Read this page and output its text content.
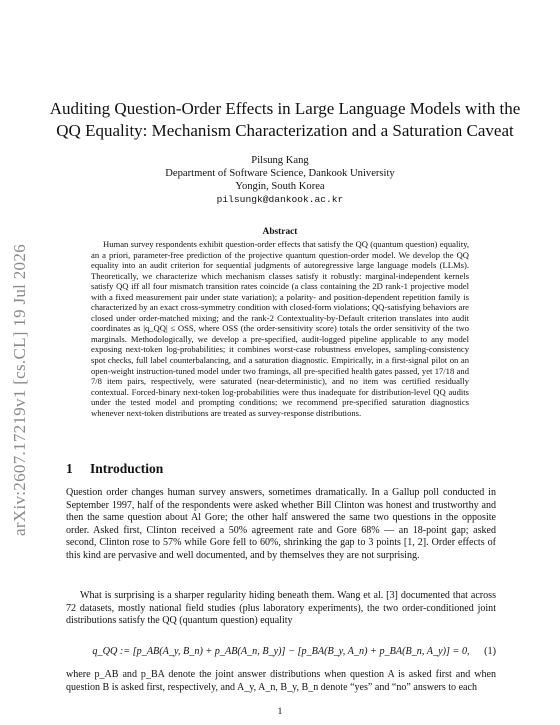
arXiv:2607.17219v1 [cs.CL] 19 Jul 2026
Auditing Question-Order Effects in Large Language Models with the QQ Equality: Mechanism Characterization and a Saturation Caveat
Pilsung Kang
Department of Software Science, Dankook University
Yongin, South Korea
pilsungk@dankook.ac.kr
Abstract
Human survey respondents exhibit question-order effects that satisfy the QQ (quantum question) equality, an a priori, parameter-free prediction of the projective quantum question-order model. We develop the QQ equality into an audit criterion for sequential judgments of autoregressive large language models (LLMs). Theoretically, we characterize which mechanism classes satisfy it robustly: marginal-independent kernels satisfy QQ iff all four mismatch transition rates coincide (a class containing the 2D rank-1 projective model with a fixed measurement pair under state variation); a polarity- and position-dependent repetition family is characterized by an exact cross-symmetry condition with closed-form violations; QQ-satisfying behaviors are closed under order-matched mixing; and the rank-2 Contextuality-by-Default criterion translates into audit coordinates as |q_QQ| ≤ OSS, where OSS (the order-sensitivity score) totals the order sensitivity of the two marginals. Methodologically, we develop a pre-specified, audit-logged pipeline applicable to any model exposing next-token log-probabilities; it combines worst-case robustness envelopes, sampling-consistency spot checks, full label counterbalancing, and a saturation diagnostic. Empirically, in a first-signal pilot on an open-weight instruction-tuned model under two framings, all pre-specified health gates passed, yet 17/18 and 7/8 item pairs, respectively, were saturated (near-deterministic), and no item was certified residually contextual. Forced-binary next-token log-probabilities were thus inadequate for distribution-level QQ audits under the tested model and prompting conditions; we recommend pre-specified saturation diagnostics whenever next-token distributions are treated as survey-response distributions.
1 Introduction
Question order changes human survey answers, sometimes dramatically. In a Gallup poll conducted in September 1997, half of the respondents were asked whether Bill Clinton was honest and trustworthy and then the same question about Al Gore; the other half answered the same two questions in the opposite order. Asked first, Clinton received a 50% agreement rate and Gore 68% — an 18-point gap; asked second, Clinton rose to 57% while Gore fell to 60%, shrinking the gap to 3 points [1, 2]. Order effects of this kind are pervasive and well documented, and by themselves they are not surprising.
What is surprising is a sharper regularity hiding beneath them. Wang et al. [3] documented that across 72 datasets, mostly national field studies (plus laboratory experiments), the two order-conditioned joint distributions satisfy the QQ (quantum question) equality
q_QQ := [p_AB(A_y, B_n) + p_AB(A_n, B_y)] − [p_BA(B_y, A_n) + p_BA(B_n, A_y)] = 0,	(1)
where p_AB and p_BA denote the joint answer distributions when question A is asked first and when question B is asked first, respectively, and A_y, A_n, B_y, B_n denote “yes” and “no” answers to each
1
